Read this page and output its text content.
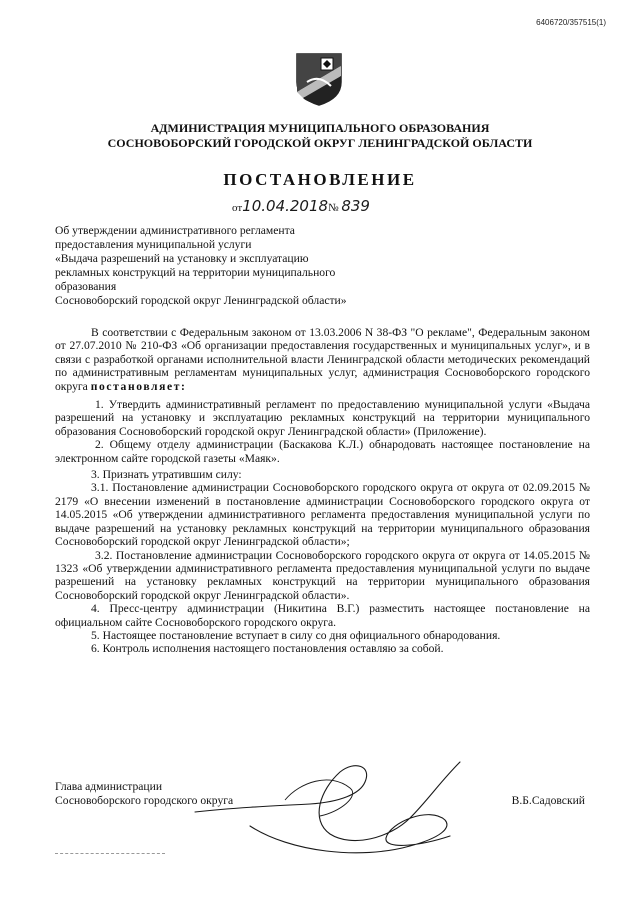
6406720/357515(1)
АДМИНИСТРАЦИЯ МУНИЦИПАЛЬНОГО ОБРАЗОВАНИЯ
СОСНОВОБОРСКИЙ ГОРОДСКОЙ ОКРУГ ЛЕНИНГРАДСКОЙ ОБЛАСТИ
ПОСТАНОВЛЕНИЕ
от10.04.2018№ 839
Об утверждении административного регламента
предоставления муниципальной услуги
«Выдача разрешений на установку и эксплуатацию
рекламных конструкций на территории муниципального образования
Сосновоборский городской округ Ленинградской области»

В соответствии с Федеральным законом от 13.03.2006 N 38-ФЗ "О рекламе", Федеральным законом от 27.07.2010 № 210-ФЗ «Об организации предоставления государственных и муниципальных услуг», и в связи с разработкой органами исполнительной власти Ленинградской области методических рекомендаций по административным регламентам муниципальных услуг, администрация Сосновоборского городского округа постановляет:

1. Утвердить административный регламент по предоставлению муниципальной услуги «Выдача разрешений на установку и эксплуатацию рекламных конструкций на территории муниципального образования Сосновоборский городской округ Ленинградской области» (Приложение).

2. Общему отделу администрации (Баскакова К.Л.) обнародовать настоящее постановление на электронном сайте городской газеты «Маяк».

3. Признать утратившим силу:

3.1. Постановление администрации Сосновоборского городского округа от округа от 02.09.2015 № 2179 «О внесении изменений в постановление администрации Сосновоборского городского округа от 14.05.2015 «Об утверждении административного регламента предоставления муниципальной услуги по выдаче разрешений на установку рекламных конструкций на территории муниципального образования Сосновоборский городской округ Ленинградской области»;

3.2. Постановление администрации Сосновоборского городского округа от округа от 14.05.2015 № 1323 «Об утверждении административного регламента предоставления муниципальной услуги по выдаче разрешений на установку рекламных конструкций на территории муниципального образования Сосновоборский городской округ Ленинградской области».

4. Пресс-центру администрации (Никитина В.Г.) разместить настоящее постановление на официальном сайте Сосновоборского городского округа.

5. Настоящее постановление вступает в силу со дня официального обнародования.

6. Контроль исполнения настоящего постановления оставляю за собой.

Глава администрации
Сосновоборского городского округа	В.Б.Садовский
